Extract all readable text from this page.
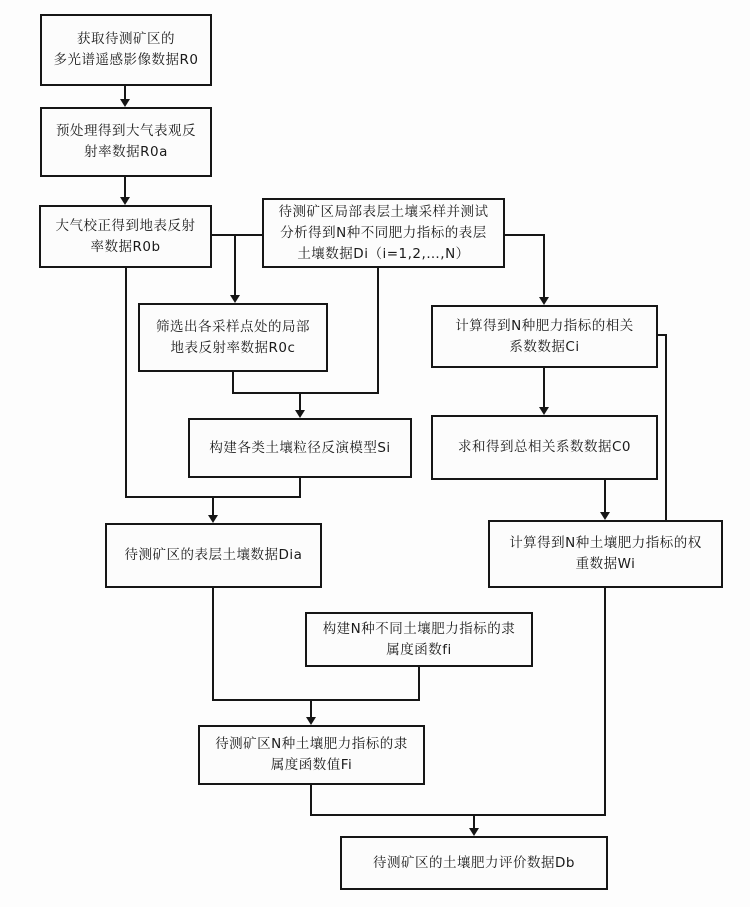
获取待测矿区的
多光谱遥感影像数据R0
预处理得到大气表观反
射率数据R0a
大气校正得到地表反射
率数据R0b
待测矿区局部表层土壤采样并测试
分析得到N种不同肥力指标的表层
土壤数据Di（i=1,2,…,N）
筛选出各采样点处的局部
地表反射率数据R0c
计算得到N种肥力指标的相关
系数数据Ci
构建各类土壤粒径反演模型Si	求和得到总相关系数数据C0
待测矿区的表层土壤数据Dia
计算得到N种土壤肥力指标的权
重数据Wi
构建N种不同土壤肥力指标的隶
属度函数fi
待测矿区N种土壤肥力指标的隶
属度函数值Fi
待测矿区的土壤肥力评价数据Db
